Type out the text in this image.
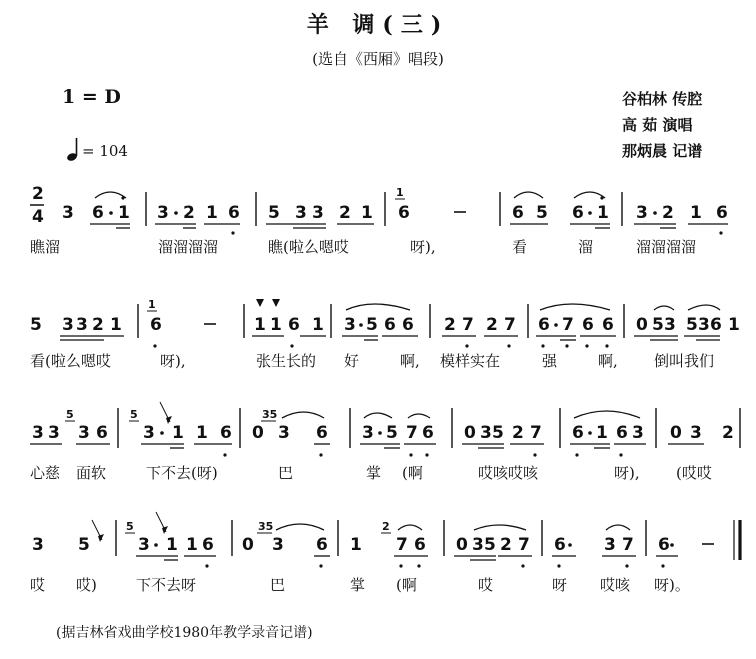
羊 调(三)
(选自《西厢》唱段)
1 = D
= 104
谷柏林 传腔
高 茹 演唱
那炳晨 记谱
2
4 3 6 1 3 2 1 6 5 3 3 2 1
1
6	6 5 6 1 3 2 1 6
5 3 3 2 1
1
6	1 1 6 1 3 5 6 6 2 7 2 7 6 7 6 6 0 5 3 5 3 6 1
3 3
5
3 6
5
3 1 1 6 0
35
3 6 3 5 7 6 0 3 5 2 7 6 1 6 3 0 3 2
3 5
5
3 1 1 6 0
35
3 6 1
2
7 6 0 3 5 2 7 6 3 7 6
瞧溜	溜溜溜溜	瞧(啦么嗯哎	呀),	看	溜	溜溜溜溜
看(啦么嗯哎	呀),	张生长的 好	啊, 模样实在	强	啊, 倒叫我们
心慈 面软	下不去(呀)	巴	掌 (啊	哎咳哎咳	呀), (哎哎
哎 哎)	下不去呀	巴	掌 (啊	哎	呀 哎咳 呀)。
(据吉林省戏曲学校1980年教学录音记谱)
